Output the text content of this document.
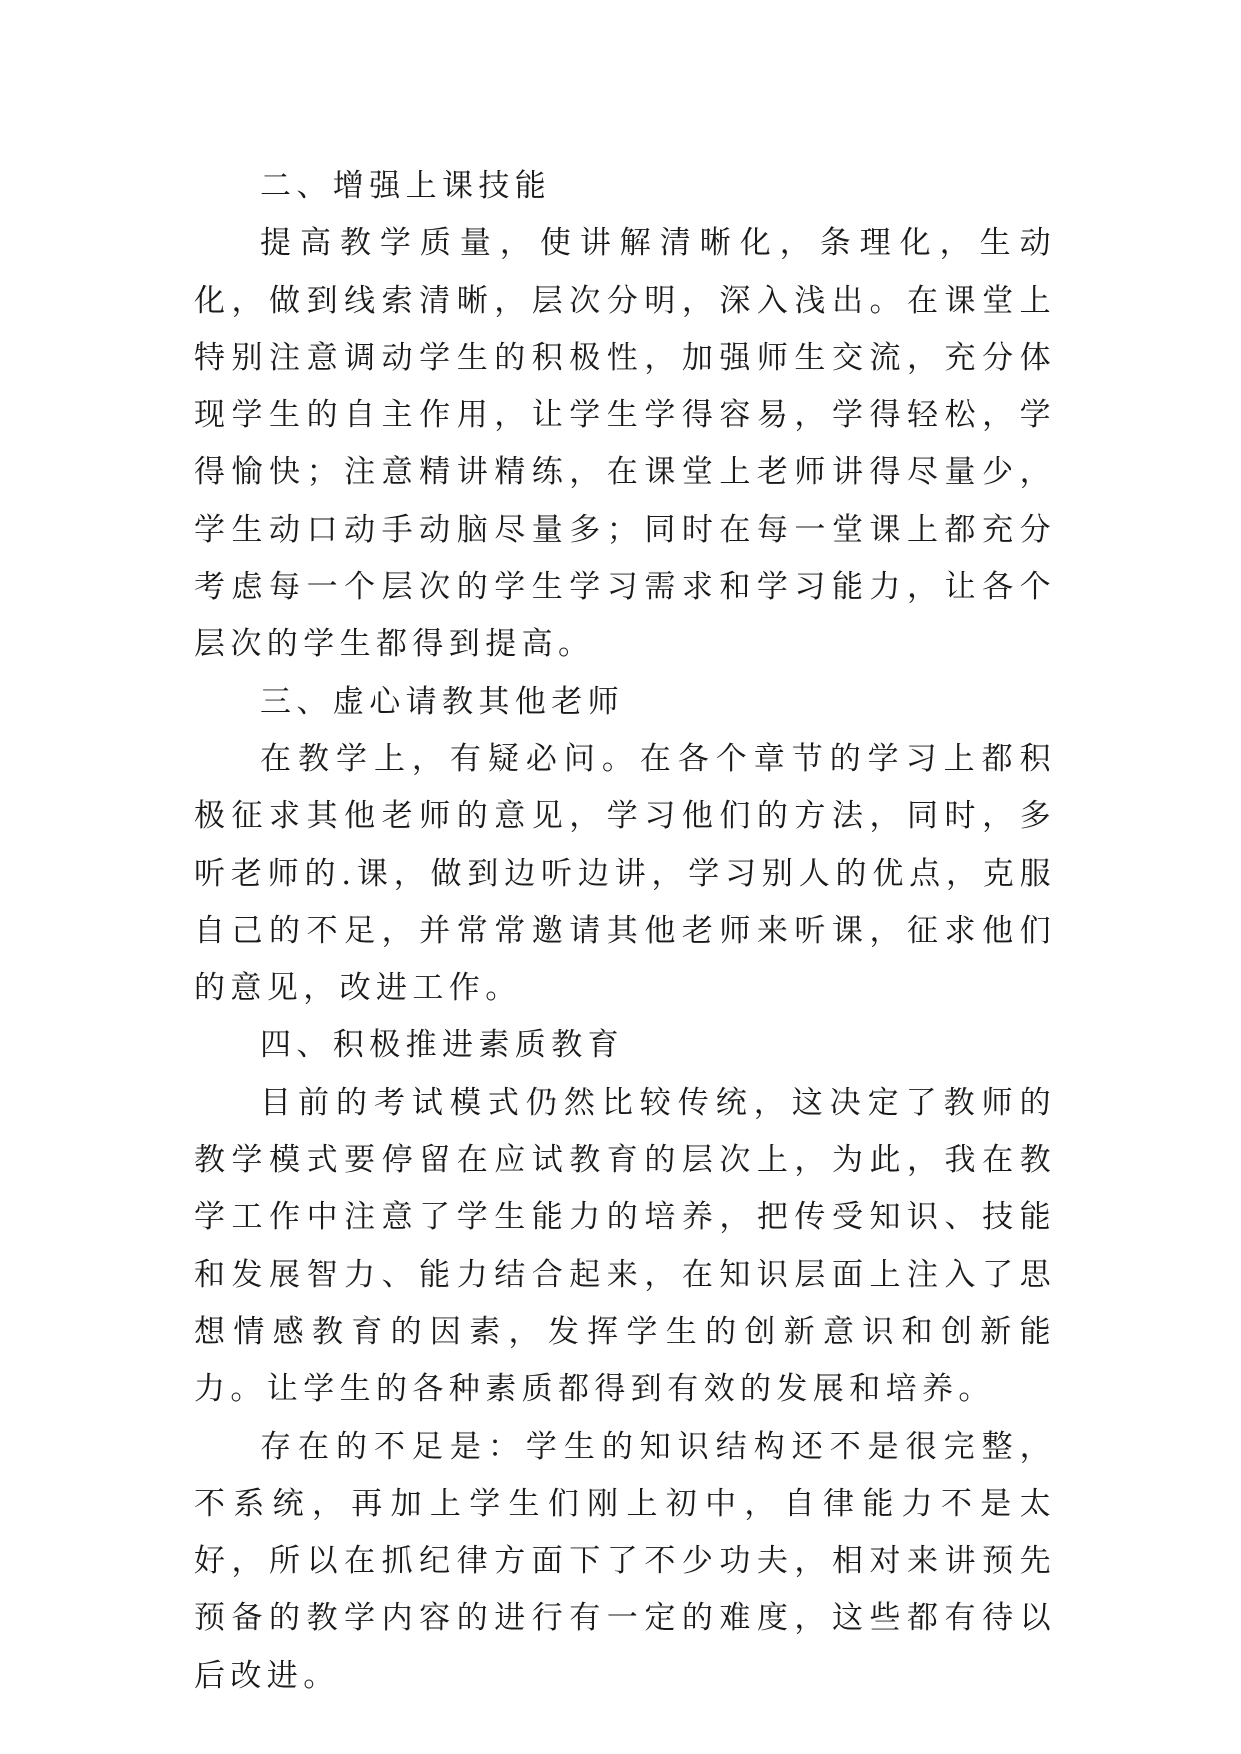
二、增强上课技能

提高教学质量，使讲解清晰化，条理化，生动化，做到线索清晰，层次分明，深入浅出。在课堂上特别注意调动学生的积极性，加强师生交流，充分体现学生的自主作用，让学生学得容易，学得轻松，学得愉快；注意精讲精练，在课堂上老师讲得尽量少，学生动口动手动脑尽量多；同时在每一堂课上都充分考虑每一个层次的学生学习需求和学习能力，让各个层次的学生都得到提高。

三、虚心请教其他老师

在教学上，有疑必问。在各个章节的学习上都积极征求其他老师的意见，学习他们的方法，同时，多听老师的.课，做到边听边讲，学习别人的优点，克服自己的不足，并常常邀请其他老师来听课，征求他们的意见，改进工作。

四、积极推进素质教育

目前的考试模式仍然比较传统，这决定了教师的教学模式要停留在应试教育的层次上，为此，我在教学工作中注意了学生能力的培养，把传受知识、技能和发展智力、能力结合起来，在知识层面上注入了思想情感教育的因素，发挥学生的创新意识和创新能力。让学生的各种素质都得到有效的发展和培养。

存在的不足是：学生的知识结构还不是很完整，不系统，再加上学生们刚上初中，自律能力不是太好，所以在抓纪律方面下了不少功夫，相对来讲预先预备的教学内容的进行有一定的难度，这些都有待以后改进。
